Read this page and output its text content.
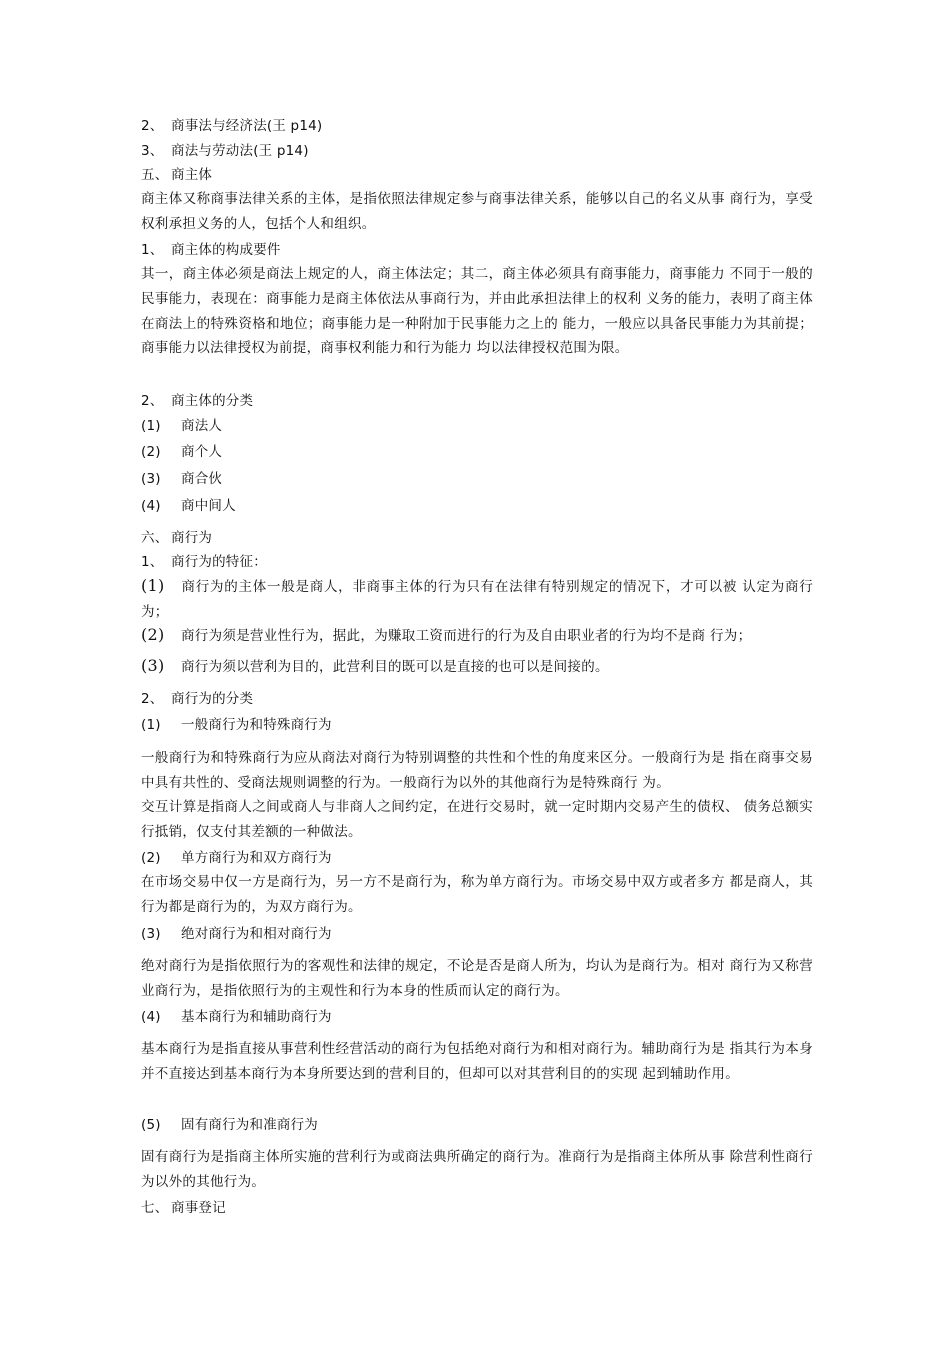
2、 商事法与经济法(王 p14)
3、 商法与劳动法(王 p14)
五、 商主体
商主体又称商事法律关系的主体，是指依照法律规定参与商事法律关系，能够以自己的名义从事 商行为，享受权利承担义务的人，包括个人和组织。
1、 商主体的构成要件
其一，商主体必须是商法上规定的人，商主体法定；其二，商主体必须具有商事能力，商事能力 不同于一般的民事能力，表现在：商事能力是商主体依法从事商行为，并由此承担法律上的权利 义务的能力，表明了商主体在商法上的特殊资格和地位；商事能力是一种附加于民事能力之上的 能力，一般应以具备民事能力为其前提；商事能力以法律授权为前提，商事权利能力和行为能力 均以法律授权范围为限。
2、 商主体的分类
(1) 商法人
(2) 商个人
(3) 商合伙
(4) 商中间人
六、 商行为
1、 商行为的特征：
(1) 商行为的主体一般是商人，非商事主体的行为只有在法律有特别规定的情况下，才可以被 认定为商行为；
(2) 商行为须是营业性行为，据此，为赚取工资而进行的行为及自由职业者的行为均不是商 行为；
(3) 商行为须以营利为目的，此营利目的既可以是直接的也可以是间接的。
2、 商行为的分类
(1) 一般商行为和特殊商行为
一般商行为和特殊商行为应从商法对商行为特别调整的共性和个性的角度来区分。一般商行为是 指在商事交易中具有共性的、受商法规则调整的行为。一般商行为以外的其他商行为是特殊商行 为。
交互计算是指商人之间或商人与非商人之间约定，在进行交易时，就一定时期内交易产生的债权、 债务总额实行抵销，仅支付其差额的一种做法。
(2) 单方商行为和双方商行为
在市场交易中仅一方是商行为，另一方不是商行为，称为单方商行为。市场交易中双方或者多方 都是商人，其行为都是商行为的，为双方商行为。
(3) 绝对商行为和相对商行为
绝对商行为是指依照行为的客观性和法律的规定，不论是否是商人所为，均认为是商行为。相对 商行为又称营业商行为，是指依照行为的主观性和行为本身的性质而认定的商行为。
(4) 基本商行为和辅助商行为
基本商行为是指直接从事营利性经营活动的商行为包括绝对商行为和相对商行为。辅助商行为是 指其行为本身并不直接达到基本商行为本身所要达到的营利目的，但却可以对其营利目的的实现 起到辅助作用。
(5) 固有商行为和准商行为
固有商行为是指商主体所实施的营利行为或商法典所确定的商行为。准商行为是指商主体所从事 除营利性商行为以外的其他行为。
七、 商事登记
